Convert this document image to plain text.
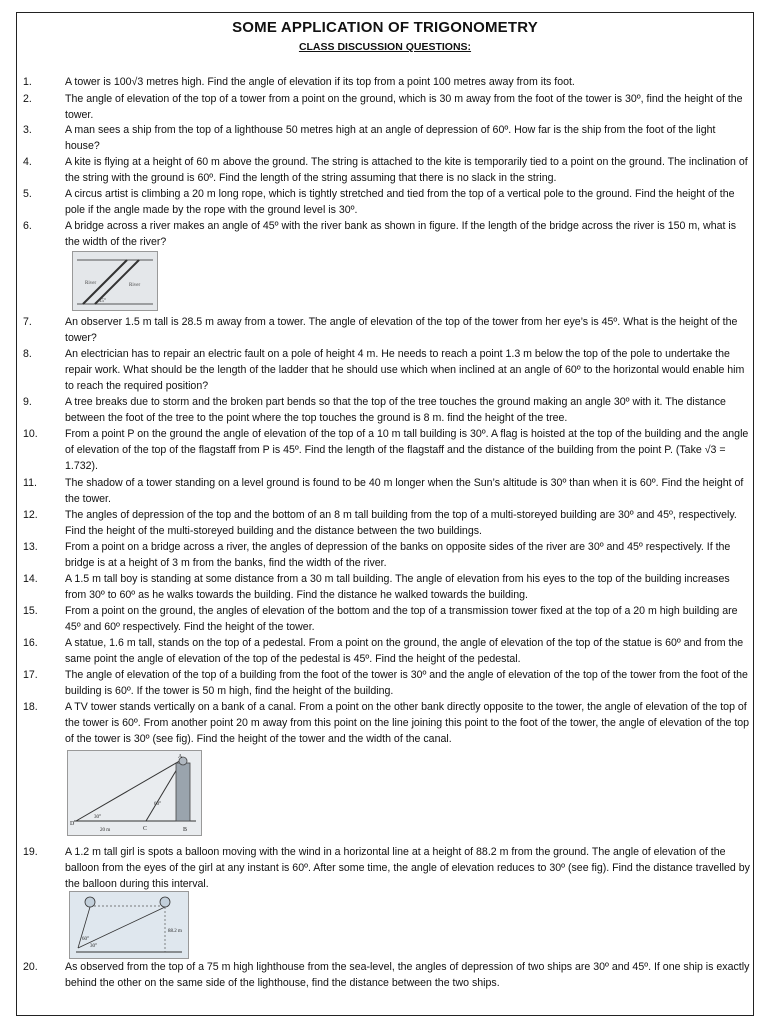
SOME APPLICATION OF TRIGONOMETRY
CLASS DISCUSSION QUESTIONS:
1.	A tower is 100√3 metres high. Find the angle of elevation if its top from a point 100 metres away from its foot.
2.	The angle of elevation of the top of a tower from a point on the ground, which is 30 m away from the foot of the tower is 30º, find the height of the tower.
3.	A man sees a ship from the top of a lighthouse 50 metres high at an angle of depression of 60º. How far is the ship from the foot of the light house?
4.	A kite is flying at a height of 60 m above the ground. The string is attached to the kite is temporarily tied to a point on the ground. The inclination of the string with the ground is 60º. Find the length of the string assuming that there is no slack in the string.
5.	A circus artist is climbing a 20 m long rope, which is tightly stretched and tied from the top of a vertical pole to the ground. Find the height of the pole if the angle made by the rope with the ground level is 30º.
6.	A bridge across a river makes an angle of 45º with the river bank as shown in figure. If the length of the bridge across the river is 150 m, what is the width of the river?
River	River
45°
7.	An observer 1.5 m tall is 28.5 m away from a tower. The angle of elevation of the top of the tower from her eye’s is 45º. What is the height of the tower?
8.	An electrician has to repair an electric fault on a pole of height 4 m. He needs to reach a point 1.3 m below the top of the pole to undertake the repair work. What should be the length of the ladder that he should use which when inclined at an angle of 60º to the horizontal would enable him to reach the required position?
9.	A tree breaks due to storm and the broken part bends so that the top of the tree touches the ground making an angle 30º with it. The distance between the foot of the tree to the point where the top touches the ground is 8 m. find the height of the tree.
10.	From a point P on the ground the angle of elevation of the top of a 10 m tall building is 30º. A flag is hoisted at the top of the building and the angle of elevation of the top of the flagstaff from P is 45º. Find the length of the flagstaff and the distance of the building from the point P. (Take √3 = 1.732).
11.	The shadow of a tower standing on a level ground is found to be 40 m longer when the Sun’s altitude is 30º than when it is 60º. Find the height of the tower.
12.	The angles of depression of the top and the bottom of an 8 m tall building from the top of a multi-storeyed building are 30º and 45º, respectively. Find the height of the multi-storeyed building and the distance between the two buildings.
13.	From a point on a bridge across a river, the angles of depression of the banks on opposite sides of the river are 30º and 45º respectively. If the bridge is at a height of 3 m from the banks, find the width of the river.
14.	A 1.5 m tall boy is standing at some distance from a 30 m tall building. The angle of elevation from his eyes to the top of the building increases from 30º to 60º as he walks towards the building. Find the distance he walked towards the building.
15.	From a point on the ground, the angles of elevation of the bottom and the top of a transmission tower fixed at the top of a 20 m high building are 45º and 60º respectively. Find the height of the tower.
16.	A statue, 1.6 m tall, stands on the top of a pedestal. From a point on the ground, the angle of elevation of the top of the statue is 60º and from the same point the angle of elevation of the top of the pedestal is 45º. Find the height of the pedestal.
17.	The angle of elevation of the top of a building from the foot of the tower is 30º and the angle of elevation of the top of the tower from the foot of the building is 60º. If the tower is 50 m high, find the height of the building.
18.	A TV tower stands vertically on a bank of a canal. From a point on the other bank directly opposite to the tower, the angle of elevation of the top of the tower is 60º. From another point 20 m away from this point on the line joining this point to the foot of the tower, the angle of elevation of the top of the tower is 30º (see fig). Find the height of the tower and the width of the canal.
D
C	B
A
30°
60°
20 m
19.	A 1.2 m tall girl is spots a balloon moving with the wind in a horizontal line at a height of 88.2 m from the ground. The angle of elevation of the balloon from the eyes of the girl at any instant is 60º. After some time, the angle of elevation reduces to 30º (see fig). Find the distance travelled by the balloon during this interval.
88.2 m
60°
30°
20.	As observed from the top of a 75 m high lighthouse from the sea-level, the angles of depression of two ships are 30º and 45º. If one ship is exactly behind the other on the same side of the lighthouse, find the distance between the two ships.
